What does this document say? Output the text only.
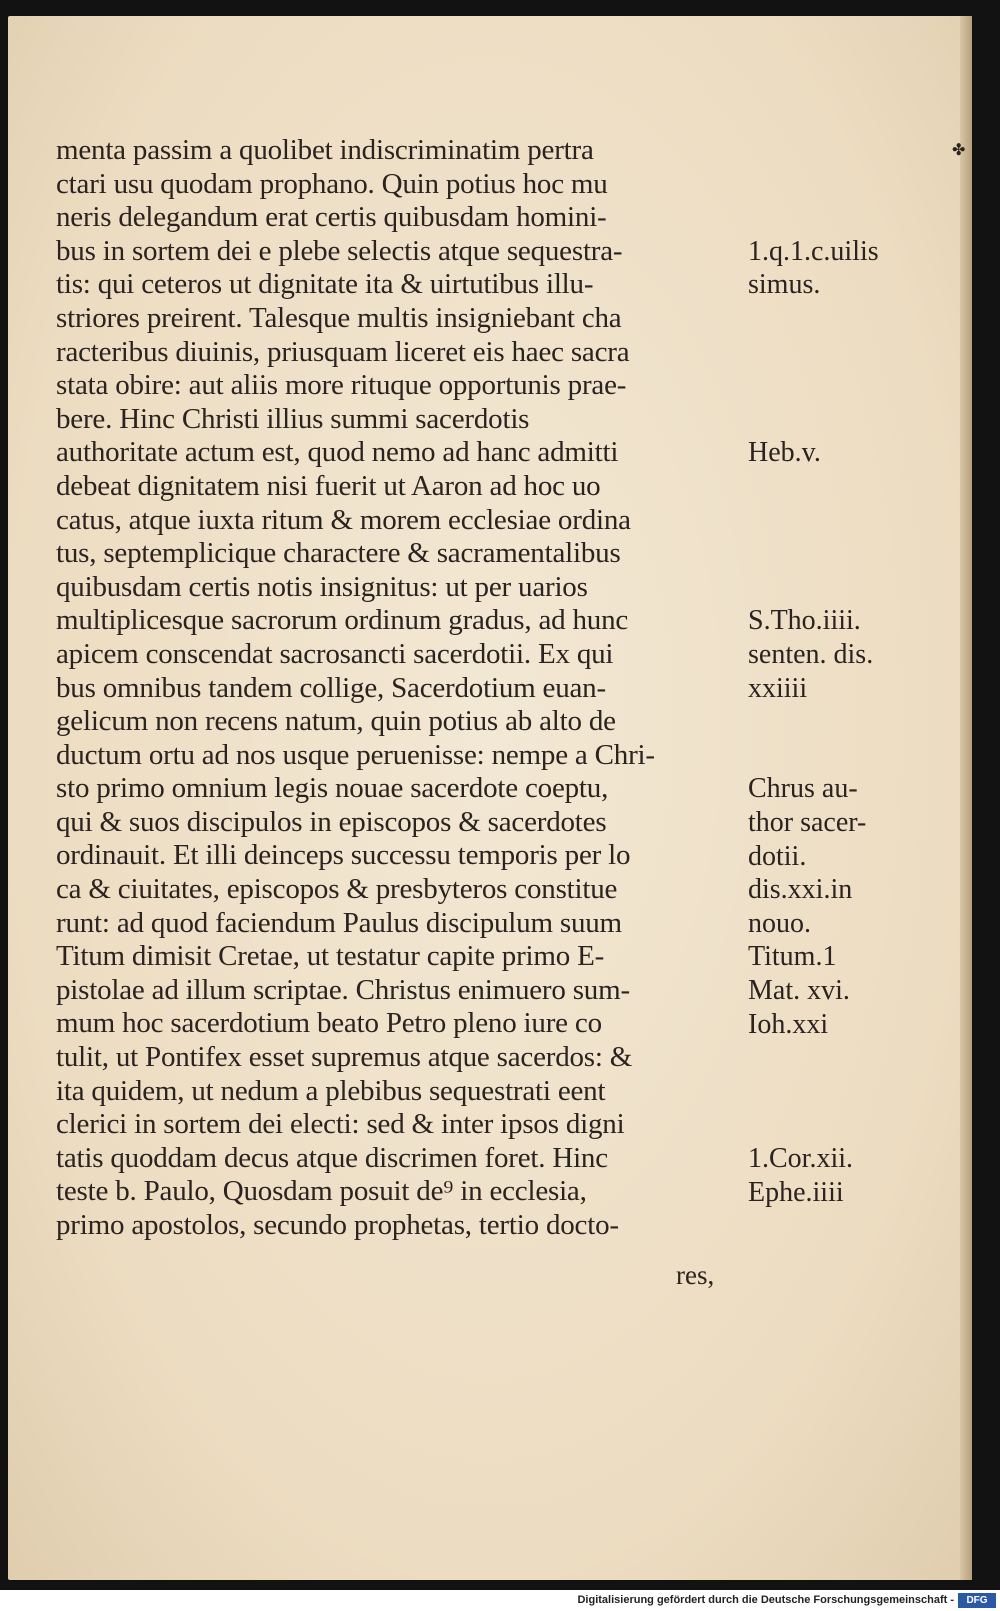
menta passim a quolibet indiscriminatim pertra
ctari usu quodam prophano. Quin potius hoc mu
neris delegandum erat certis quibusdam homini-
bus in sortem dei e plebe selectis atque sequestra-
tis: qui ceteros ut dignitate ita & uirtutibus illu-
striores preirent. Talesque multis insigniebant cha
racteribus diuinis, priusquam liceret eis haec sacra
stata obire: aut aliis more rituque opportunis prae-
bere. Hinc Christi illius summi sacerdotis
authoritate actum est, quod nemo ad hanc admitti
debeat dignitatem nisi fuerit ut Aaron ad hoc uo
catus, atque iuxta ritum & morem ecclesiae ordina
tus, septemplicique charactere & sacramentalibus
quibusdam certis notis insignitus: ut per uarios
multiplicesque sacrorum ordinum gradus, ad hunc
apicem conscendat sacrosancti sacerdotii. Ex qui
bus omnibus tandem collige, Sacerdotium euan-
gelicum non recens natum, quin potius ab alto de
ductum ortu ad nos usque peruenisse: nempe a Chri-
sto primo omnium legis nouae sacerdote coeptu,
qui & suos discipulos in episcopos & sacerdotes
ordinauit. Et illi deinceps successu temporis per lo
ca & ciuitates, episcopos & presbyteros constitue
runt: ad quod faciendum Paulus discipulum suum
Titum dimisit Cretae, ut testatur capite primo E-
pistolae ad illum scriptae. Christus enimuero sum-
mum hoc sacerdotium beato Petro pleno iure co
tulit, ut Pontifex esset supremus atque sacerdos: &
ita quidem, ut nedum a plebibus sequestrati eent
clerici in sortem dei electi: sed & inter ipsos digni
tatis quoddam decus atque discrimen foret. Hinc
teste b. Paulo, Quosdam posuit de⁹ in ecclesia,
primo apostolos, secundo prophetas, tertio docto-
1.q.1.c.uilis
simus.
Heb.v.
S.Tho.iiii.
senten. dis.
xxiiii
Chrus au-
thor sacer-
dotii.
dis.xxi.in
nouo.
Titum.1
Mat. xvi.
Ioh.xxi
1.Cor.xii.
Ephe.iiii
res,
✤
Digitalisierung gefördert durch die Deutsche Forschungsgemeinschaft -	DFG
